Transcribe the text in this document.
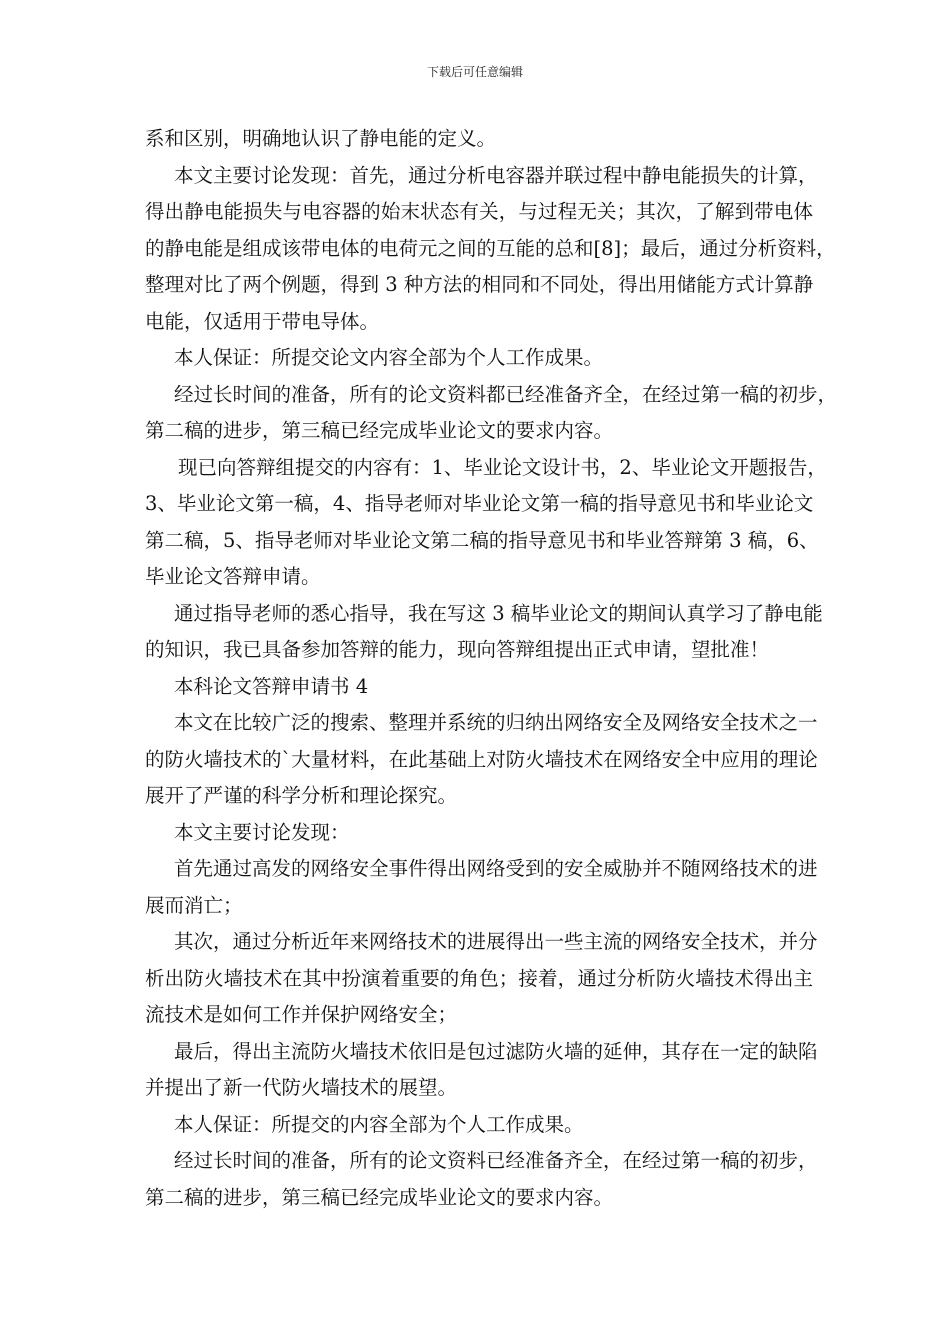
下载后可任意编辑
系和区别，明确地认识了静电能的定义。
本文主要讨论发现：首先，通过分析电容器并联过程中静电能损失的计算，
得出静电能损失与电容器的始末状态有关，与过程无关；其次，了解到带电体
的静电能是组成该带电体的电荷元之间的互能的总和[8]；最后，通过分析资料，
整理对比了两个例题，得到 3 种方法的相同和不同处，得出用储能方式计算静
电能，仅适用于带电导体。
本人保证：所提交论文内容全部为个人工作成果。
经过长时间的准备，所有的论文资料都已经准备齐全，在经过第一稿的初步，
第二稿的进步，第三稿已经完成毕业论文的要求内容。
现已向答辩组提交的内容有：1、毕业论文设计书，2、毕业论文开题报告，
3、毕业论文第一稿，4、指导老师对毕业论文第一稿的指导意见书和毕业论文
第二稿，5、指导老师对毕业论文第二稿的指导意见书和毕业答辩第 3 稿，6、
毕业论文答辩申请。
通过指导老师的悉心指导，我在写这 3 稿毕业论文的期间认真学习了静电能
的知识，我已具备参加答辩的能力，现向答辩组提出正式申请，望批准！
本科论文答辩申请书 4
本文在比较广泛的搜索、整理并系统的归纳出网络安全及网络安全技术之一
的防火墙技术的`大量材料，在此基础上对防火墙技术在网络安全中应用的理论
展开了严谨的科学分析和理论探究。
本文主要讨论发现：
首先通过高发的网络安全事件得出网络受到的安全威胁并不随网络技术的进
展而消亡；
其次，通过分析近年来网络技术的进展得出一些主流的网络安全技术，并分
析出防火墙技术在其中扮演着重要的角色；接着，通过分析防火墙技术得出主
流技术是如何工作并保护网络安全；
最后，得出主流防火墙技术依旧是包过滤防火墙的延伸，其存在一定的缺陷
并提出了新一代防火墙技术的展望。
本人保证：所提交的内容全部为个人工作成果。
经过长时间的准备，所有的论文资料已经准备齐全，在经过第一稿的初步，
第二稿的进步，第三稿已经完成毕业论文的要求内容。
